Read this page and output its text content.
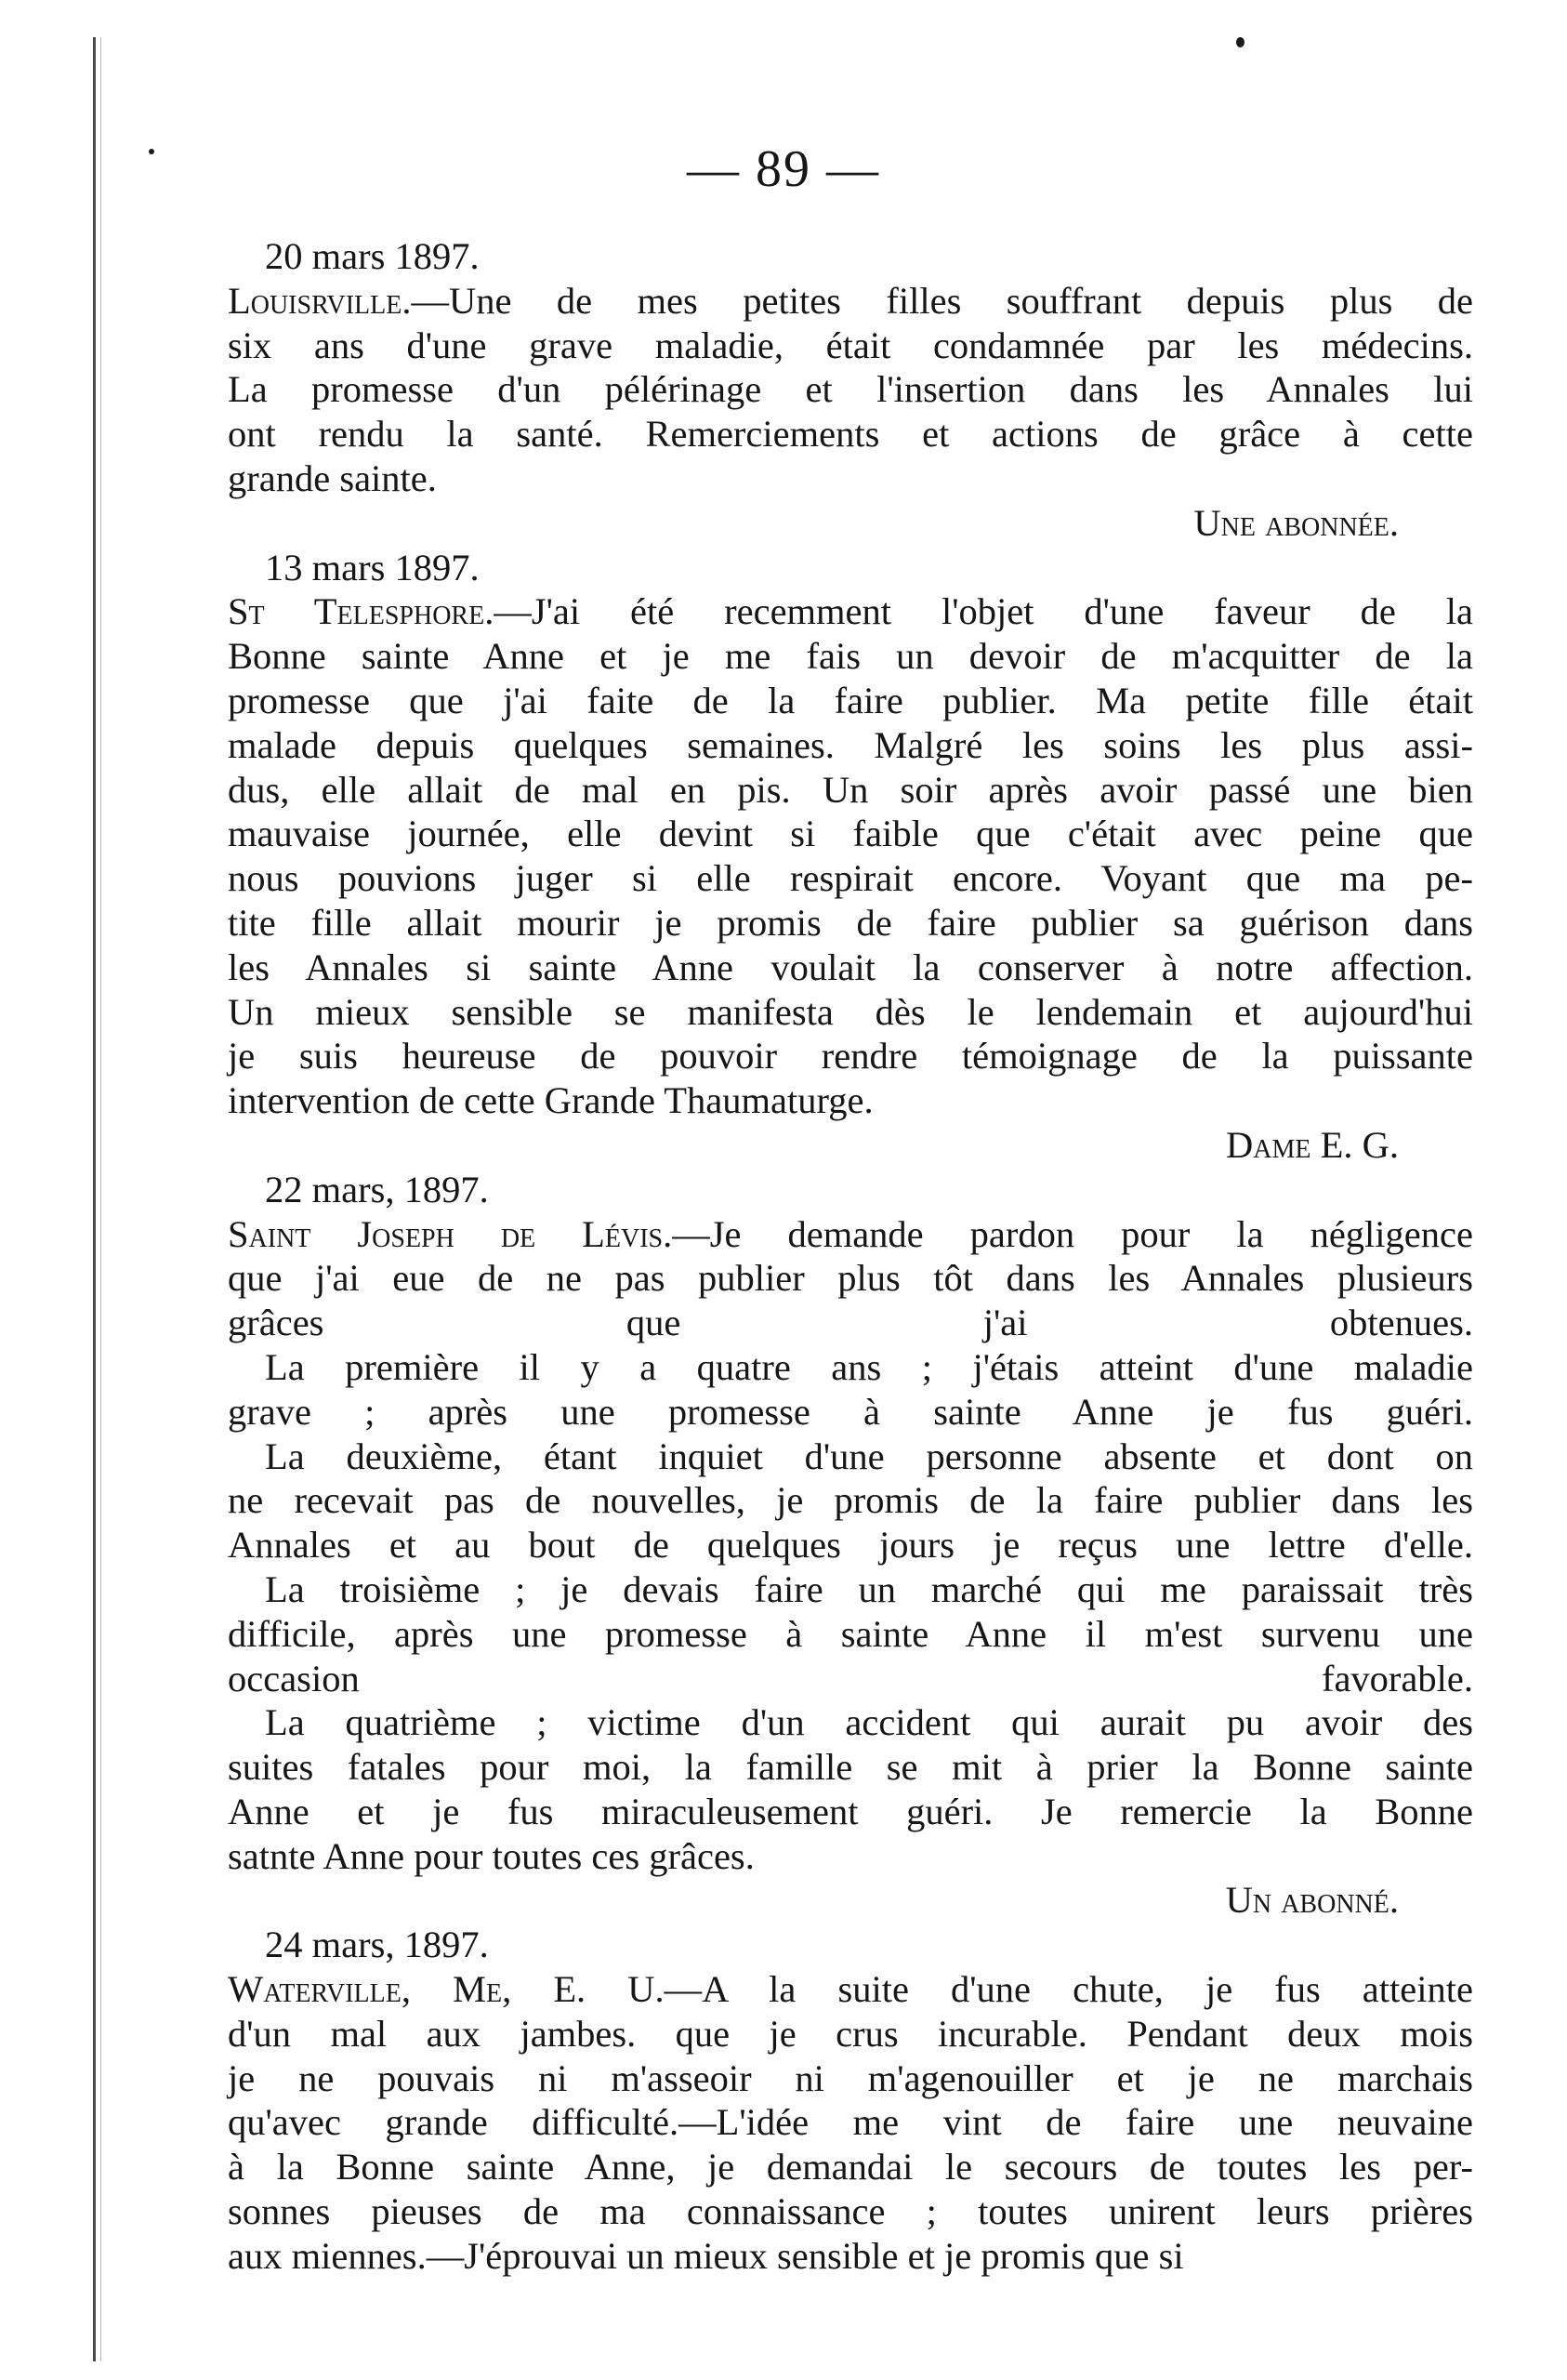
— 89 —
20 mars 1897.
Louisrville.—Une de mes petites filles souffrant depuis plus de
six ans d'une grave maladie, était condamnée par les médecins.
La promesse d'un pélérinage et l'insertion dans les Annales lui
ont rendu la santé. Remerciements et actions de grâce à cette
grande sainte.
Une abonnée.
13 mars 1897.
St Telesphore.—J'ai été recemment l'objet d'une faveur de la
Bonne sainte Anne et je me fais un devoir de m'acquitter de la
promesse que j'ai faite de la faire publier. Ma petite fille était
malade depuis quelques semaines. Malgré les soins les plus assi-
dus, elle allait de mal en pis. Un soir après avoir passé une bien
mauvaise journée, elle devint si faible que c'était avec peine que
nous pouvions juger si elle respirait encore. Voyant que ma pe-
tite fille allait mourir je promis de faire publier sa guérison dans
les Annales si sainte Anne voulait la conserver à notre affection.
Un mieux sensible se manifesta dès le lendemain et aujourd'hui
je suis heureuse de pouvoir rendre témoignage de la puissante
intervention de cette Grande Thaumaturge.
Dame E. G.
22 mars, 1897.
Saint Joseph de Lévis.—Je demande pardon pour la négligence
que j'ai eue de ne pas publier plus tôt dans les Annales plusieurs
grâces que j'ai obtenues.
La première il y a quatre ans ; j'étais atteint d'une maladie
grave ; après une promesse à sainte Anne je fus guéri.
La deuxième, étant inquiet d'une personne absente et dont on
ne recevait pas de nouvelles, je promis de la faire publier dans les
Annales et au bout de quelques jours je reçus une lettre d'elle.
La troisième ; je devais faire un marché qui me paraissait très
difficile, après une promesse à sainte Anne il m'est survenu une
occasion favorable.
La quatrième ; victime d'un accident qui aurait pu avoir des
suites fatales pour moi, la famille se mit à prier la Bonne sainte
Anne et je fus miraculeusement guéri. Je remercie la Bonne
satnte Anne pour toutes ces grâces.
Un abonné.
24 mars, 1897.
Waterville, Me, E. U.—A la suite d'une chute, je fus atteinte
d'un mal aux jambes. que je crus incurable. Pendant deux mois
je ne pouvais ni m'asseoir ni m'agenouiller et je ne marchais
qu'avec grande difficulté.—L'idée me vint de faire une neuvaine
à la Bonne sainte Anne, je demandai le secours de toutes les per-
sonnes pieuses de ma connaissance ; toutes unirent leurs prières
aux miennes.—J'éprouvai un mieux sensible et je promis que si
